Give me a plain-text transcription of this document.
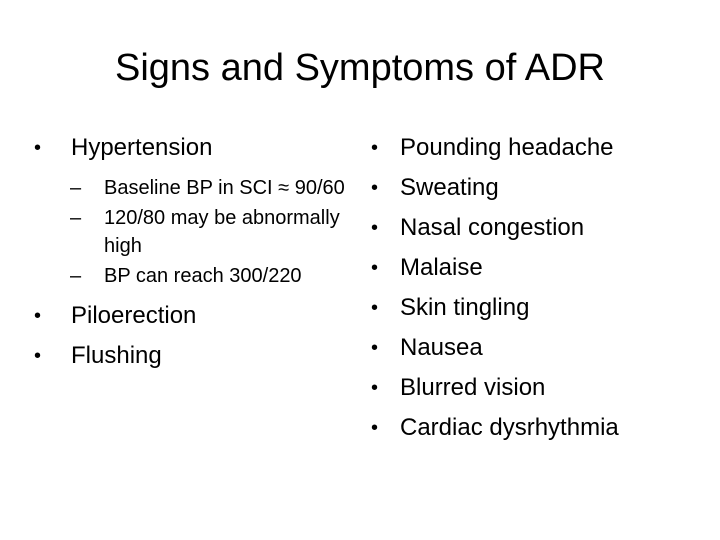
Signs and Symptoms of ADR
• Hypertension
– Baseline BP in SCI ≈ 90/60
– 120/80 may be abnormally high
– BP can reach 300/220
• Piloerection
• Flushing
• Pounding headache
• Sweating
• Nasal congestion
• Malaise
• Skin tingling
• Nausea
• Blurred vision
• Cardiac dysrhythmia
